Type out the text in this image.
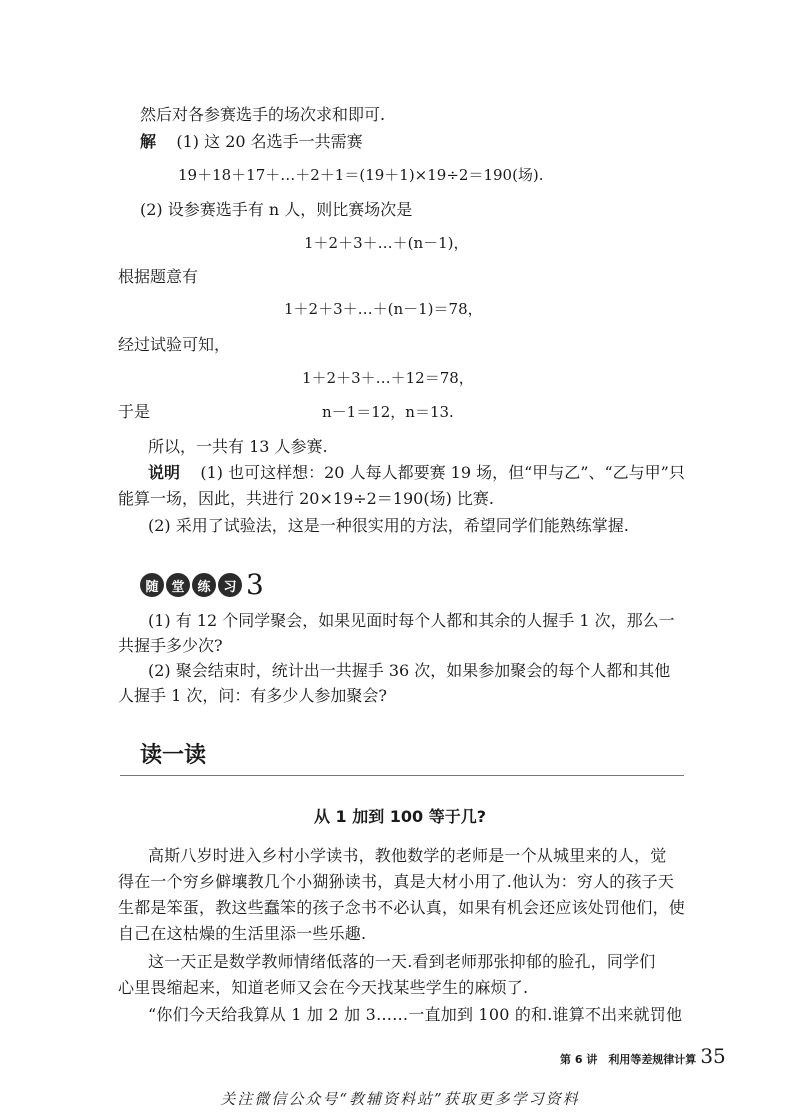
然后对各参赛选手的场次求和即可.
解 (1) 这 20 名选手一共需赛
19＋18＋17＋…＋2＋1＝(19＋1)×19÷2＝190(场).
(2) 设参赛选手有 n 人，则比赛场次是
1＋2＋3＋…＋(n－1)，
根据题意有
1＋2＋3＋…＋(n－1)＝78，
经过试验可知，
1＋2＋3＋…＋12＝78，
于是	n－1＝12，n＝13.
所以，一共有 13 人参赛.
说明 (1) 也可这样想：20 人每人都要赛 19 场，但“甲与乙”、“乙与甲”只
能算一场，因此，共进行 20×19÷2＝190(场) 比赛.
(2) 采用了试验法，这是一种很实用的方法，希望同学们能熟练掌握.
随 堂 练 习 3
(1) 有 12 个同学聚会，如果见面时每个人都和其余的人握手 1 次，那么一
共握手多少次?
(2) 聚会结束时，统计出一共握手 36 次，如果参加聚会的每个人都和其他
人握手 1 次，问：有多少人参加聚会?
读一读
从 1 加到 100 等于几?
高斯八岁时进入乡村小学读书，教他数学的老师是一个从城里来的人，觉
得在一个穷乡僻壤教几个小猢狲读书，真是大材小用了.他认为：穷人的孩子天
生都是笨蛋，教这些蠢笨的孩子念书不必认真，如果有机会还应该处罚他们，使
自己在这枯燥的生活里添一些乐趣.
这一天正是数学教师情绪低落的一天.看到老师那张抑郁的脸孔，同学们
心里畏缩起来，知道老师又会在今天找某些学生的麻烦了.
“你们今天给我算从 1 加 2 加 3……一直加到 100 的和.谁算不出来就罚他
第 6 讲　利用等差规律计算 35
关注微信公众号“教辅资料站”获取更多学习资料
